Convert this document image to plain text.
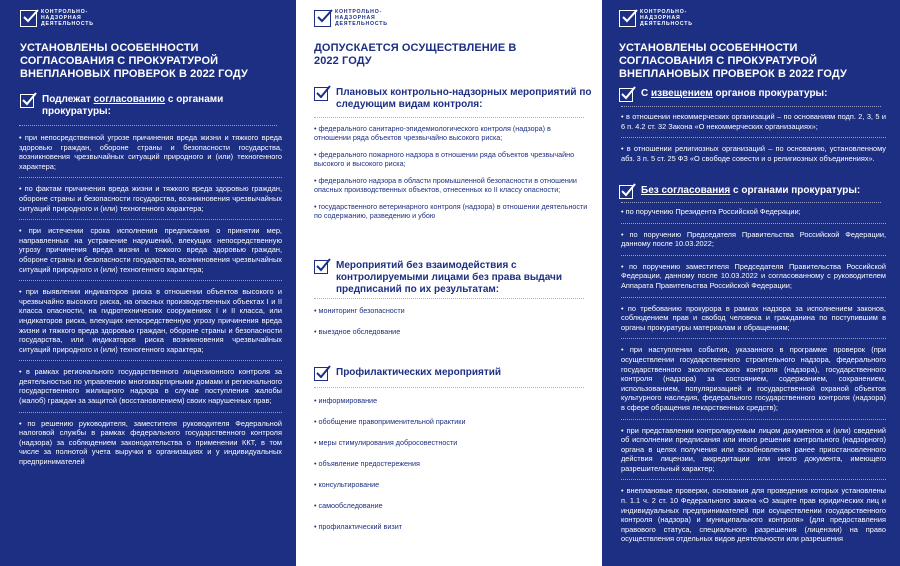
КОНТРОЛЬНО-
НАДЗОРНАЯ
ДЕЯТЕЛЬНОСТЬ
УСТАНОВЛЕНЫ ОСОБЕННОСТИ СОГЛАСОВАНИЯ С ПРОКУРАТУРОЙ ВНЕПЛАНОВЫХ ПРОВЕРОК В 2022 ГОДУ
Подлежат согласованию с органами прокуратуры:

• при непосредственной угрозе причинения вреда жизни и тяжкого вреда здоровью граждан, обороне страны и безопасности государства, возникновения чрезвычайных ситуаций природного и (или) техногенного характера;

• по фактам причинения вреда жизни и тяжкого вреда здоровью граждан, обороне страны и безопасности государства, возникновения чрезвычайных ситуаций природного и (или) техногенного характера;

• при истечении срока исполнения предписания о принятии мер, направленных на устранение нарушений, влекущих непосредственную угрозу причинения вреда жизни и тяжкого вреда здоровью граждан, обороне страны и безопасности государства, возникновения чрезвычайных ситуаций природного и (или) техногенного характера;

• при выявлении индикаторов риска в отношении объектов высокого и чрезвычайно высокого риска, на опасных производственных объектах I и II класса опасности, на гидротехнических сооружениях I и II класса, или индикаторов риска, влекущих непосредственную угрозу причинения вреда жизни и тяжкого вреда здоровью граждан, обороне страны и безопасности государства, или индикаторов риска возникновения чрезвычайных ситуаций природного и (или) техногенного характера;

• в рамках регионального государственного лицензионного контроля за деятельностью по управлению многоквартирными домами и регионального государственного жилищного надзора в случае поступления жалобы (жалоб) граждан за защитой (восстановлением) своих нарушенных прав;

• по решению руководителя, заместителя руководителя Федеральной налоговой службы в рамках федерального государственного контроля (надзора) за соблюдением законодательства о применении ККТ, в том числе за полнотой учета выручки в организациях и у индивидуальных предпринимателей

КОНТРОЛЬНО-
НАДЗОРНАЯ
ДЕЯТЕЛЬНОСТЬ
ДОПУСКАЕТСЯ ОСУЩЕСТВЛЕНИЕ В 2022 ГОДУ
Плановых контрольно-надзорных мероприятий по следующим видам контроля:

• федерального санитарно-эпидемиологического контроля (надзора) в отношении ряда объектов чрезвычайно высокого риска;

• федерального пожарного надзора в отношении ряда объектов чрезвычайно высокого и высокого риска;

• федерального надзора в области промышленной безопасности в отношении опасных производственных объектов, отнесенных ко II классу опасности;

• государственного ветеринарного контроля (надзора) в отношении деятельности по содержанию, разведению и убою

Мероприятий без взаимодействия с контролируемыми лицами без права выдачи предписаний по их результатам:

• мониторинг безопасности

• выездное обследование

Профилактических мероприятий

• информирование

• обобщение правоприменительной практики

• меры стимулирования добросовестности

• объявление предостережения

• консультирование

• самообследование

• профилактический визит

КОНТРОЛЬНО-
НАДЗОРНАЯ
ДЕЯТЕЛЬНОСТЬ
УСТАНОВЛЕНЫ ОСОБЕННОСТИ СОГЛАСОВАНИЯ С ПРОКУРАТУРОЙ ВНЕПЛАНОВЫХ ПРОВЕРОК В 2022 ГОДУ
С извещением органов прокуратуры:

• в отношении некоммерческих организаций – по основаниям подп. 2, 3, 5 и 6 п. 4.2 ст. 32 Закона «О некоммерческих организациях»;

• в отношении религиозных организаций – по основанию, установленному абз. 3 п. 5 ст. 25 ФЗ «О свободе совести и о религиозных объединениях».

Без согласования с органами прокуратуры:

• по поручению Президента Российской Федерации;

• по поручению Председателя Правительства Российской Федерации, данному после 10.03.2022;

• по поручению заместителя Председателя Правительства Российской Федерации, данному после 10.03.2022 и согласованному с руководителем Аппарата Правительства Российской Федерации;

• по требованию прокурора в рамках надзора за исполнением законов, соблюдением прав и свобод человека и гражданина по поступившим в органы прокуратуры материалам и обращениям;

• при наступлении события, указанного в программе проверок (при осуществлении государственного строительного надзора, федерального государственного экологического контроля (надзора), государственного контроля (надзора) за состоянием, содержанием, сохранением, использованием, популяризацией и государственной охраной объектов культурного наследия, федерального государственного контроля (надзора) в сфере обращения лекарственных средств);

• при представлении контролируемым лицом документов и (или) сведений об исполнении предписания или иного решения контрольного (надзорного) органа в целях получения или возобновления ранее приостановленного действия лицензии, аккредитации или иного документа, имеющего разрешительный характер;

• внеплановые проверки, основания для проведения которых установлены п. 1.1 ч. 2 ст. 10 Федерального закона «О защите прав юридических лиц и индивидуальных предпринимателей при осуществлении государственного контроля (надзора) и муниципального контроля» (для предоставления правового статуса, специального разрешения (лицензии) на право осуществления отдельных видов деятельности или разрешения
